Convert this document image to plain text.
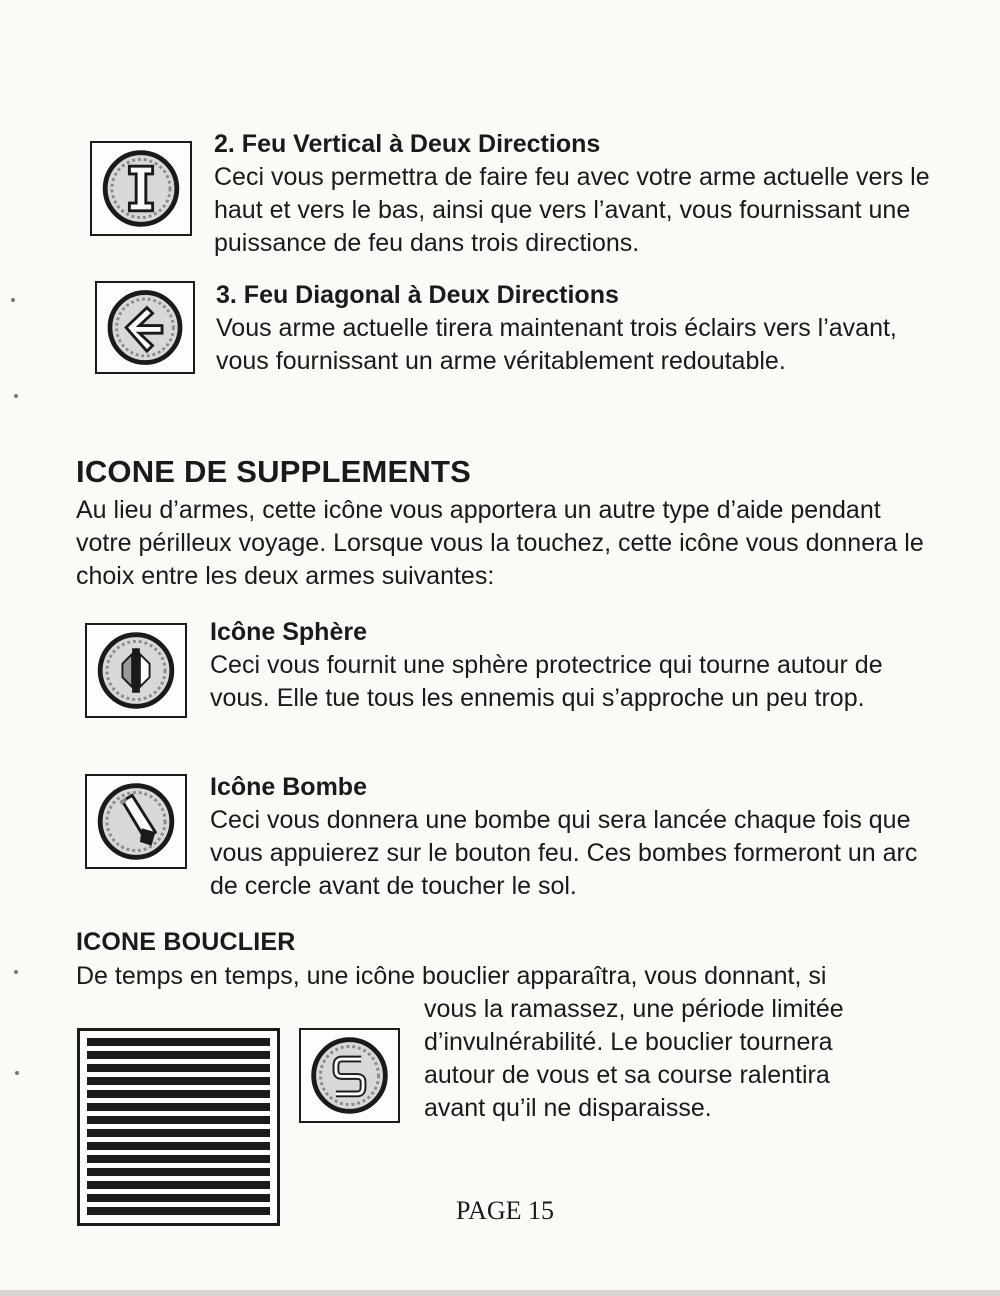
2. Feu Vertical à Deux Directions
Ceci vous permettra de faire feu avec votre arme actuelle vers le haut et vers le bas, ainsi que vers l’avant, vous fournissant une puissance de feu dans trois directions.
3. Feu Diagonal à Deux Directions
Vous arme actuelle tirera maintenant trois éclairs vers l’avant, vous fournissant un arme véritablement redoutable.
ICONE DE SUPPLEMENTS
Au lieu d’armes, cette icône vous apportera un autre type d’aide pendant votre périlleux voyage. Lorsque vous la touchez, cette icône vous donnera le choix entre les deux armes suivantes:
Icône Sphère
Ceci vous fournit une sphère protectrice qui tourne autour de vous. Elle tue tous les ennemis qui s’approche un peu trop.
Icône Bombe
Ceci vous donnera une bombe qui sera lancée chaque fois que vous appuierez sur le bouton feu. Ces bombes formeront un arc de cercle avant de toucher le sol.
ICONE BOUCLIER
De temps en temps, une icône bouclier apparaîtra, vous donnant, si
vous la ramassez, une période limitée d’invulnérabilité. Le bouclier tournera autour de vous et sa course ralentira avant qu’il ne disparaisse.
PAGE 15
